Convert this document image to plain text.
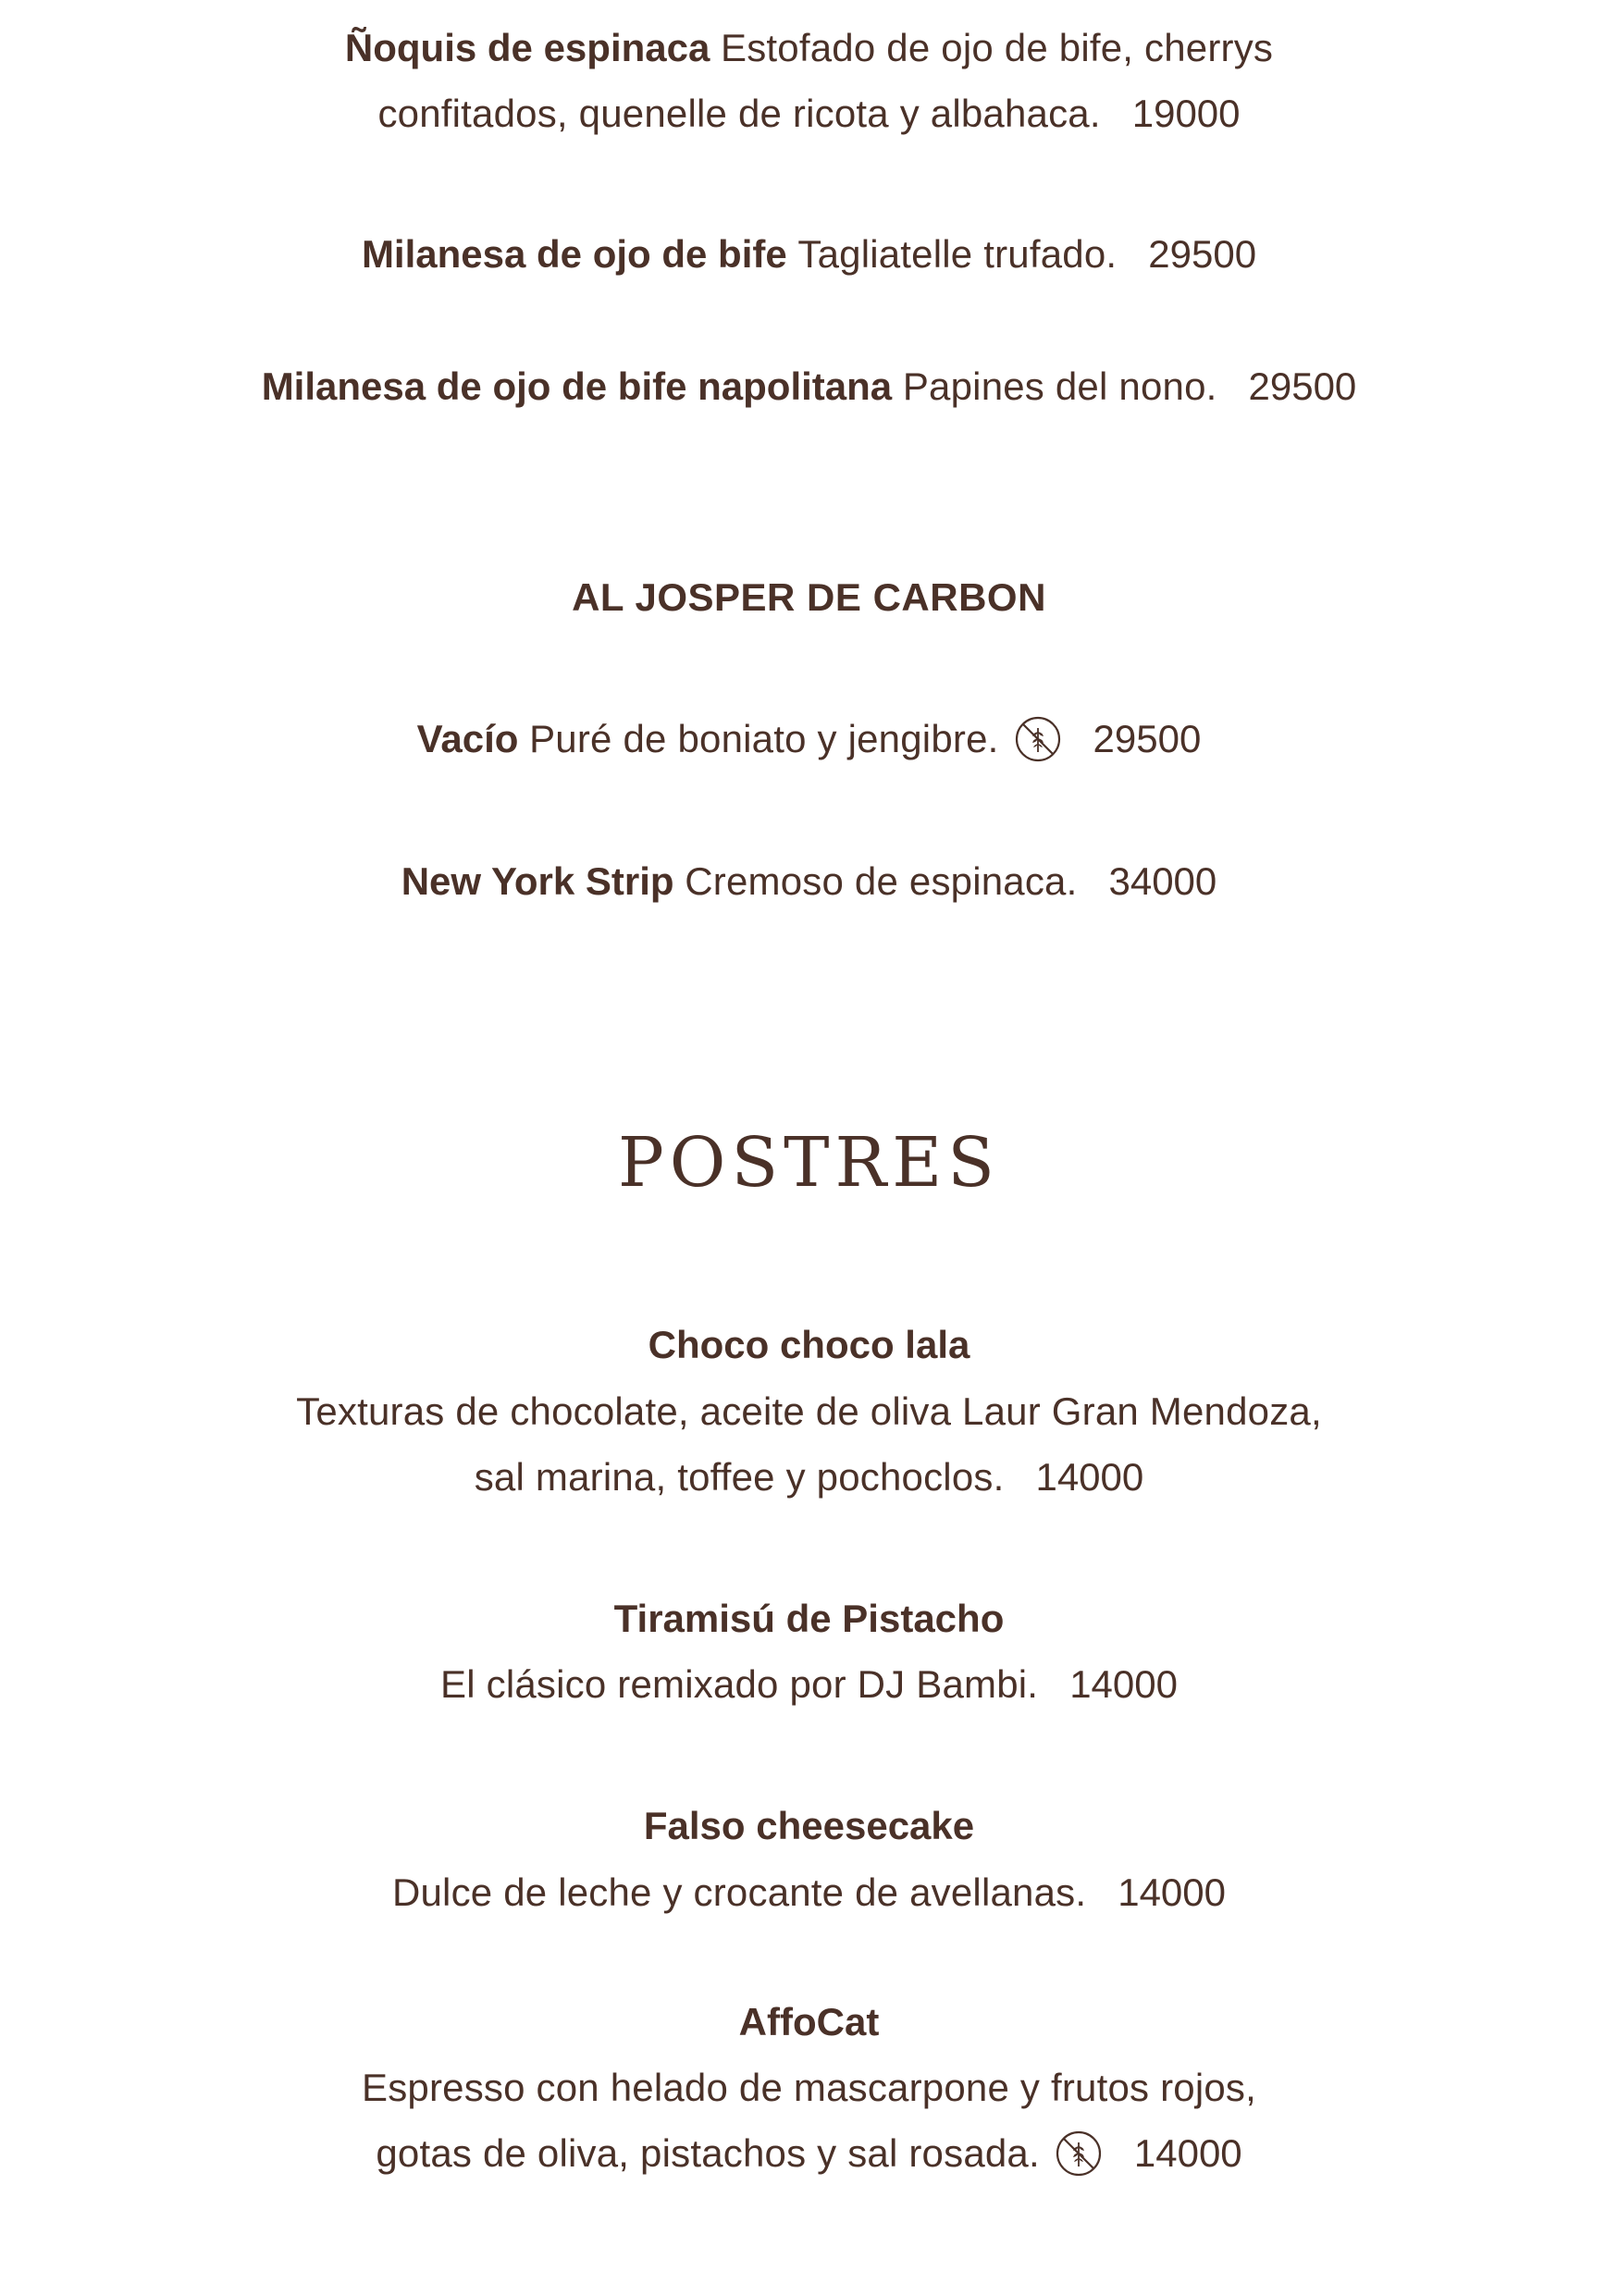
Ñoquis de espinaca Estofado de ojo de bife, cherrys
confitados, quenelle de ricota y albahaca. 19000
Milanesa de ojo de bife Tagliatelle trufado. 29500
Milanesa de ojo de bife napolitana Papines del nono. 29500
AL JOSPER DE CARBON
Vacío Puré de boniato y jengibre. 29500
New York Strip Cremoso de espinaca. 34000
POSTRES
Choco choco lala
Texturas de chocolate, aceite de oliva Laur Gran Mendoza,
sal marina, toffee y pochoclos. 14000
Tiramisú de Pistacho
El clásico remixado por DJ Bambi. 14000
Falso cheesecake
Dulce de leche y crocante de avellanas. 14000
AffoCat
Espresso con helado de mascarpone y frutos rojos,
gotas de oliva, pistachos y sal rosada. 14000
